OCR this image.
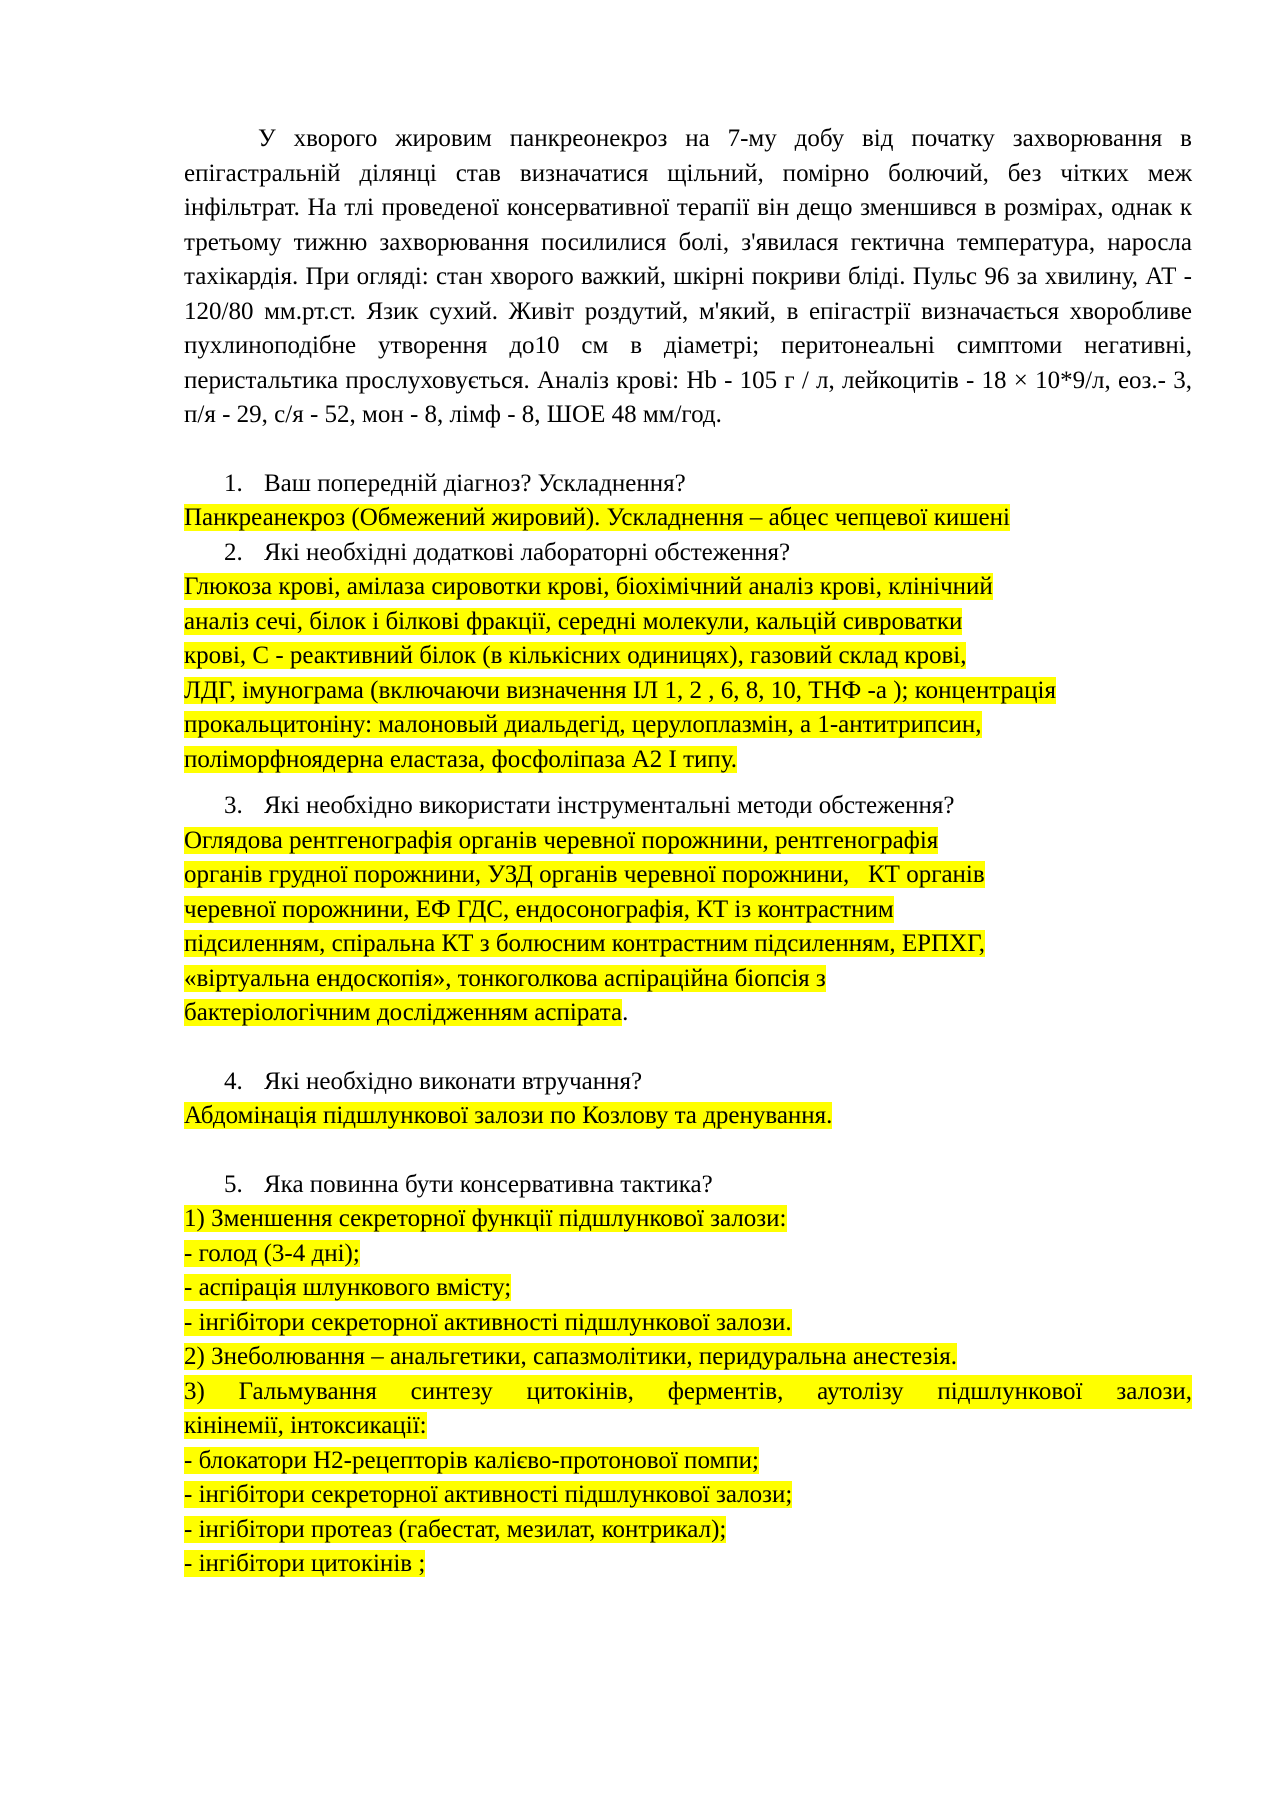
У хворого жировим панкреонекроз на 7-му добу від початку захворювання в епігастральній ділянці став визначатися щільний, помірно болючий, без чітких меж інфільтрат. На тлі проведеної консервативної терапії він дещо зменшився в розмірах, однак к третьому тижню захворювання посилилися болі, з'явилася гектична температура, наросла тахікардія. При огляді: стан хворого важкий, шкірні покриви бліді. Пульс 96 за хвилину, АТ - 120/80 мм.рт.ст. Язик сухий. Живіт роздутий, м'який, в епігастрії визначається хворобливе пухлиноподібне утворення до10 см в діаметрі; перитонеальні симптоми негативні, перистальтика прослуховується. Аналіз крові: Hb - 105 г / л, лейкоцитів - 18 × 10*9/л, еоз.- 3, п/я - 29, с/я - 52, мон - 8, лімф - 8, ШОЕ 48 мм/год.

1. Ваш попередній діагноз? Ускладнення?

Панкреанекроз (Обмежений жировий). Ускладнення – абцес чепцевої кишені

2. Які необхідні додаткові лабораторні обстеження?

Глюкоза крові, амілаза сировотки крові, біохімічний аналіз крові, клінічний
аналіз сечі, білок і білкові фракції, середні молекули, кальцій сивроватки
крові, С - реактивний білок (в кількісних одиницях), газовий склад крові,
ЛДГ, імунограма (включаючи визначення ІЛ 1, 2 , 6, 8, 10, ТНФ -а ); концентрація
прокальцитоніну: малоновый диальдегід, церулоплазмін, а 1-антитрипсин,
поліморфноядерна еластаза, фосфоліпаза А2 І типу.

3. Які необхідно використати інструментальні методи обстеження?

Оглядова рентгенографія органів черевної порожнини, рентгенографія
органів грудної порожнини, УЗД органів черевної порожнини,   КТ органів
черевної порожнини, ЕФ ГДС, ендосонографія, КТ із контрастним
підсиленням, спіральна КТ з болюсним контрастним підсиленням, ЕРПХГ,
«віртуальна ендоскопія», тонкоголкова аспіраційна біопсія з
бактеріологічним дослідженням аспірата.

4. Які необхідно виконати втручання?

Абдомінація підшлункової залози по Козлову та дренування.

5. Яка повинна бути консервативна тактика?

1) Зменшення секреторної функції підшлункової залози:
- голод (3-4 дні);
- аспірація шлункового вмісту;
- інгібітори секреторної активності підшлункової залози.
2) Знеболювання – анальгетики, сапазмолітики, перидуральна анестезія.
3) Гальмування синтезу цитокінів, ферментів, аутолізу підшлункової залози,
кінінемії, інтоксикації:
- блокатори Н2-рецепторів калієво-протонової помпи;
- інгібітори секреторної активності підшлункової залози;
- інгібітори протеаз (габестат, мезилат, контрикал);
- інгібітори цитокінів ;
